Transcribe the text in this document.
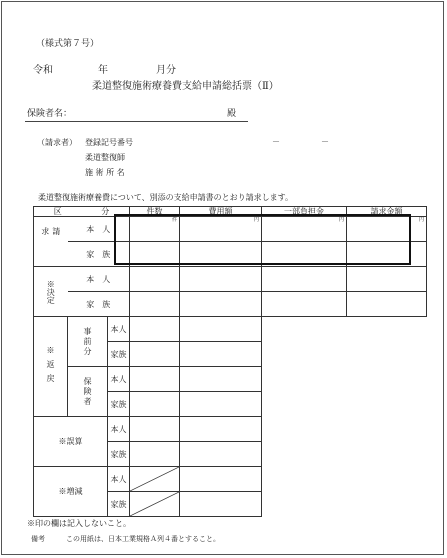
（様式第７号）
令和	年	月分
柔道整復施術療養費支給申請総括票（Ⅱ）
保険者名：	殿
（請求者） 登録記号番号	－	－
柔道整復師
施 術 所 名
柔道整復施術療養費について、別添の支給申請書のとおり請求します。
区		分		件数	費用額	一部負担金	請求金額

請求	本　人			件	円	円	円

	家　族						

※決定	本　人						
	家　族						

※返戻	事前分		本人				
			家族				

	保険者		本人				
			家族				
※誤算			本人				
			家族				
※増減			本人	

			家族	

※印の欄は記入しないこと。
備考	この用紙は、日本工業規格Ａ列４番とすること。
